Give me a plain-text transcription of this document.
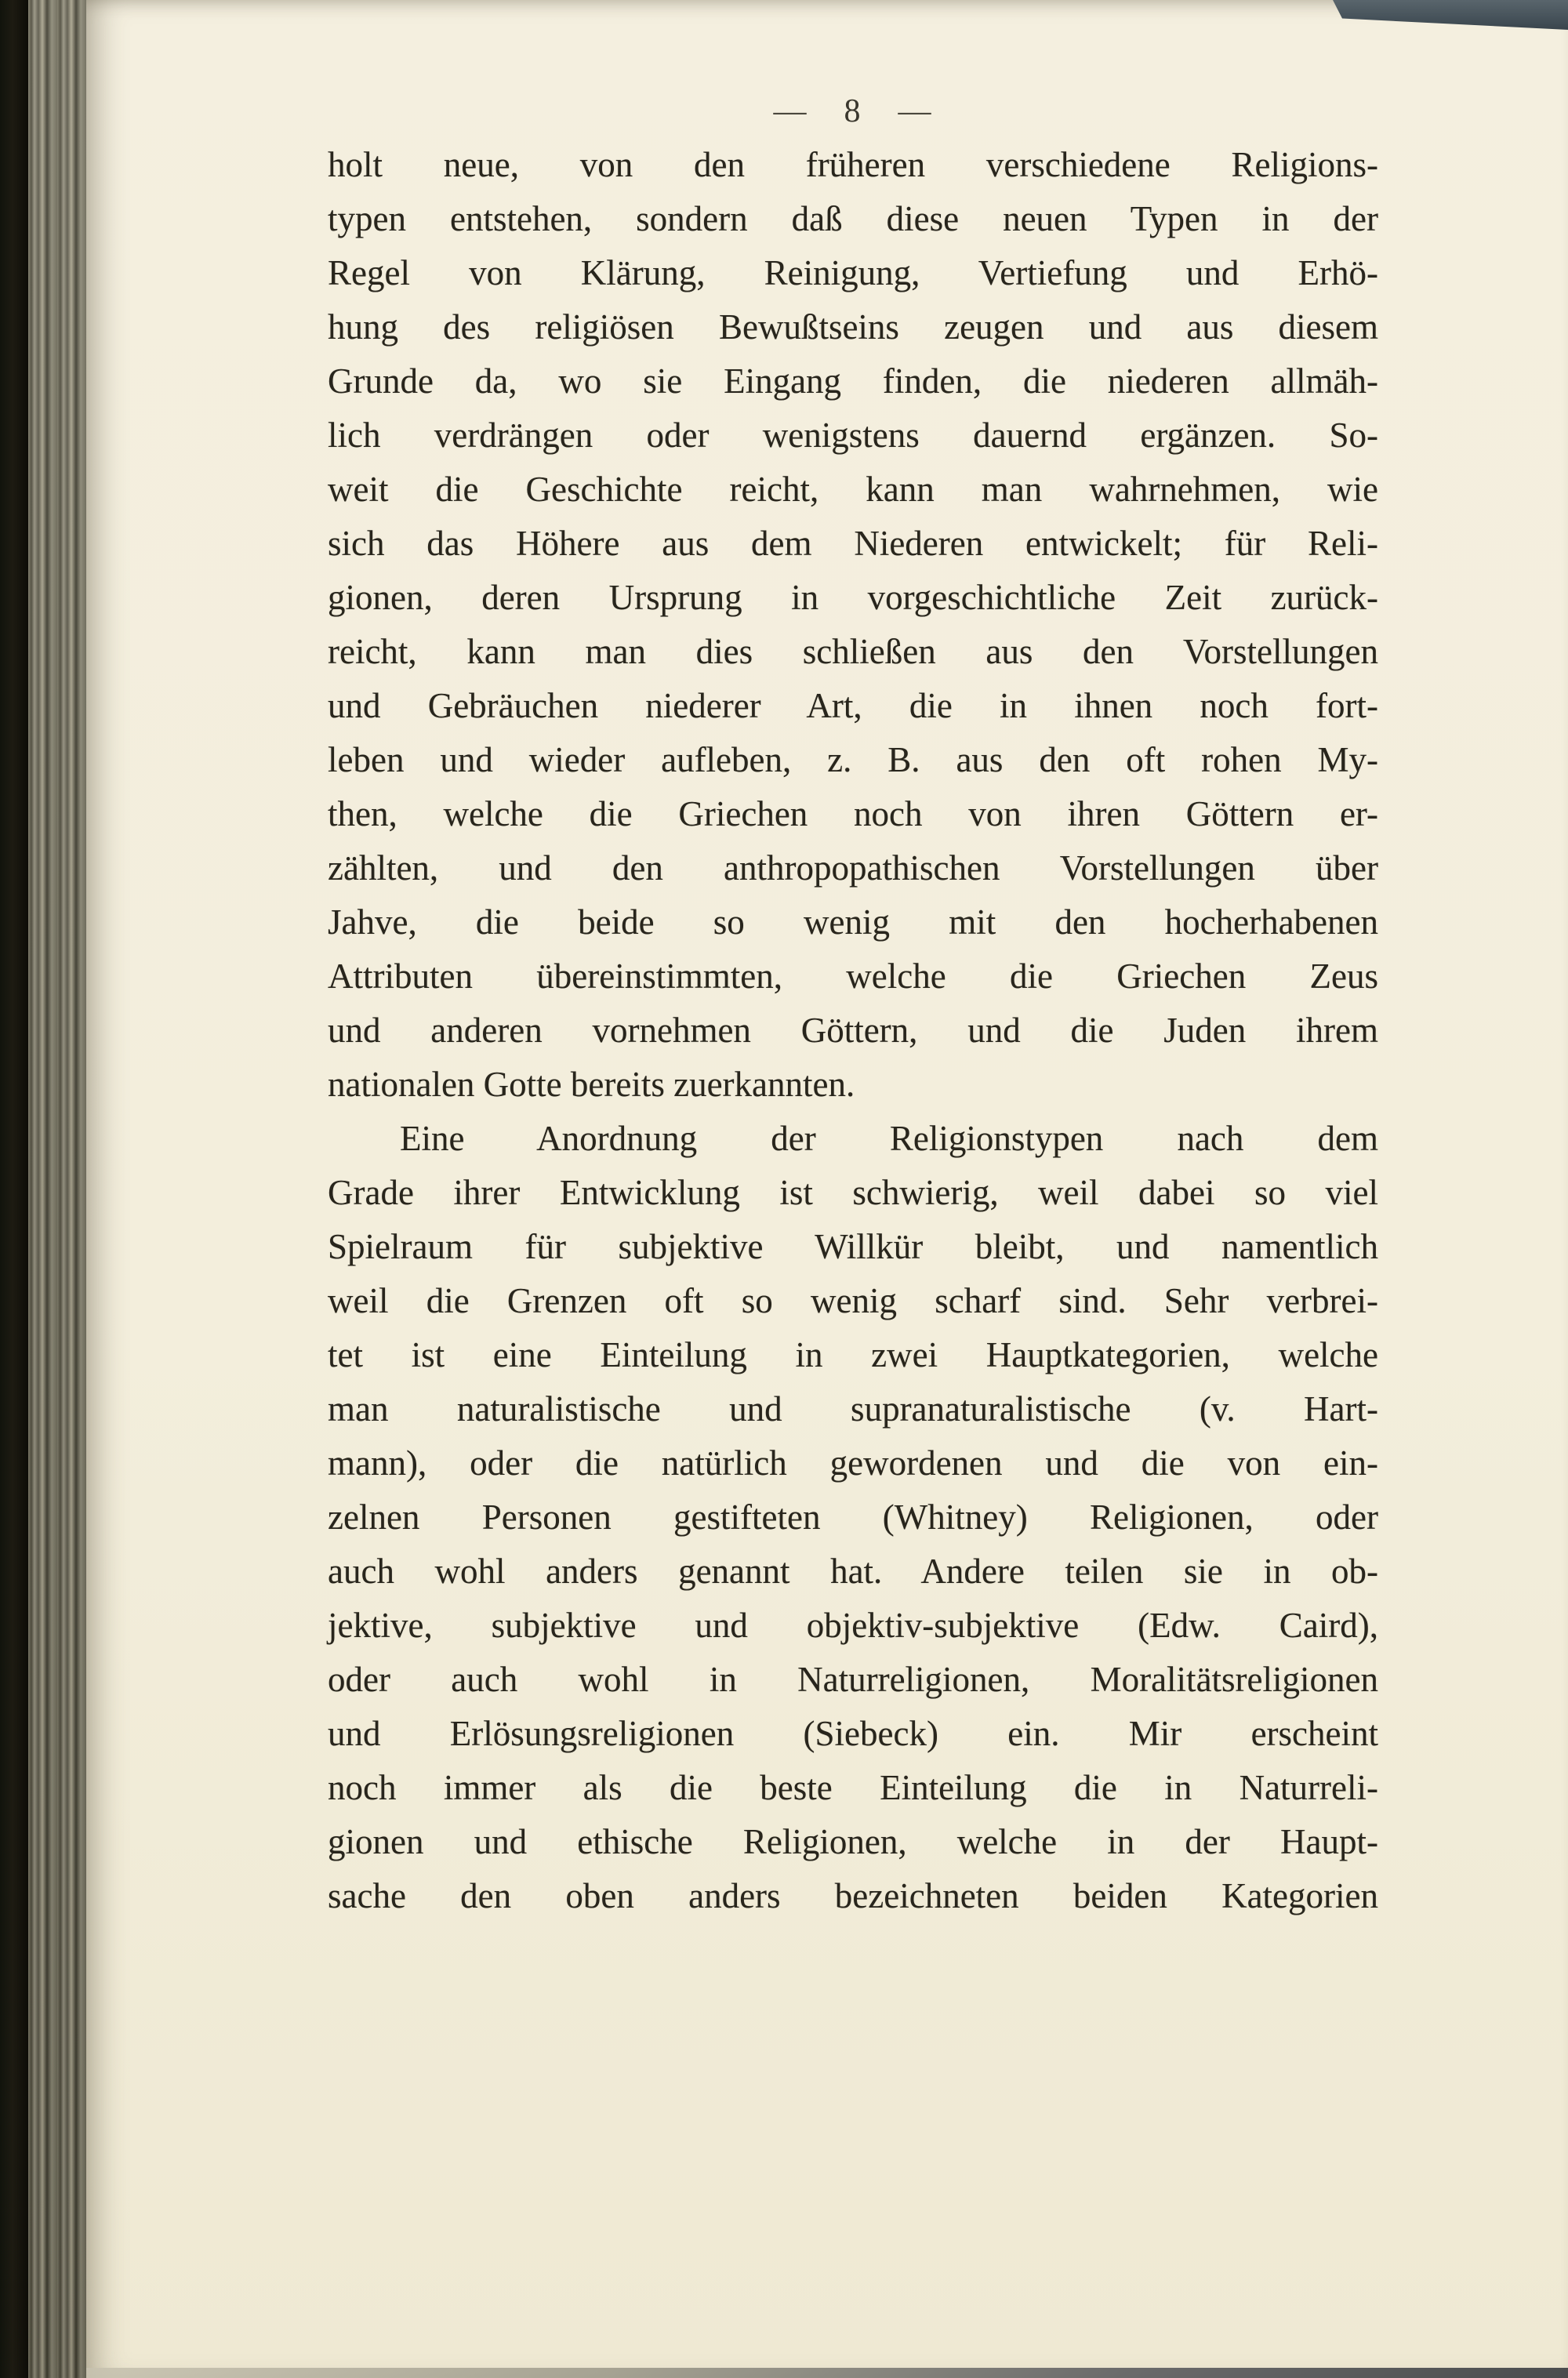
— 8 —
holt neue, von den früheren verschiedene Religions-
typen entstehen, sondern daß diese neuen Typen in der
Regel von Klärung, Reinigung, Vertiefung und Erhö-
hung des religiösen Bewußtseins zeugen und aus diesem
Grunde da, wo sie Eingang finden, die niederen allmäh-
lich verdrängen oder wenigstens dauernd ergänzen. So-
weit die Geschichte reicht, kann man wahrnehmen, wie
sich das Höhere aus dem Niederen entwickelt; für Reli-
gionen, deren Ursprung in vorgeschichtliche Zeit zurück-
reicht, kann man dies schließen aus den Vorstellungen
und Gebräuchen niederer Art, die in ihnen noch fort-
leben und wieder aufleben, z. B. aus den oft rohen My-
then, welche die Griechen noch von ihren Göttern er-
zählten, und den anthropopathischen Vorstellungen über
Jahve, die beide so wenig mit den hocherhabenen
Attributen übereinstimmten, welche die Griechen Zeus
und anderen vornehmen Göttern, und die Juden ihrem
nationalen Gotte bereits zuerkannten.
Eine Anordnung der Religionstypen nach dem
Grade ihrer Entwicklung ist schwierig, weil dabei so viel
Spielraum für subjektive Willkür bleibt, und namentlich
weil die Grenzen oft so wenig scharf sind. Sehr verbrei-
tet ist eine Einteilung in zwei Hauptkategorien, welche
man naturalistische und supranaturalistische (v. Hart-
mann), oder die natürlich gewordenen und die von ein-
zelnen Personen gestifteten (Whitney) Religionen, oder
auch wohl anders genannt hat. Andere teilen sie in ob-
jektive, subjektive und objektiv-subjektive (Edw. Caird),
oder auch wohl in Naturreligionen, Moralitätsreligionen
und Erlösungsreligionen (Siebeck) ein. Mir erscheint
noch immer als die beste Einteilung die in Naturreli-
gionen und ethische Religionen, welche in der Haupt-
sache den oben anders bezeichneten beiden Kategorien
